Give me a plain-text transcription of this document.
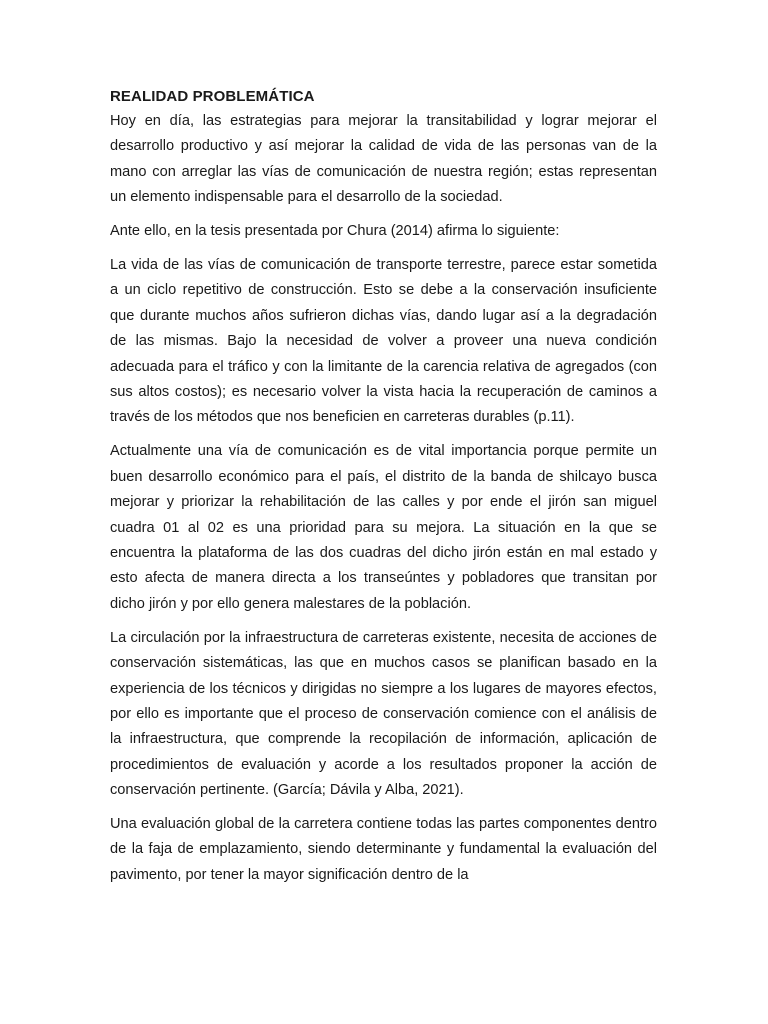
REALIDAD PROBLEMÁTICA

Hoy en día, las estrategias para mejorar la transitabilidad y lograr mejorar el desarrollo productivo y así mejorar la calidad de vida de las personas van de la mano con arreglar las vías de comunicación de nuestra región; estas representan un elemento indispensable para el desarrollo de la sociedad.

Ante ello, en la tesis presentada por Chura (2014) afirma lo siguiente:

La vida de las vías de comunicación de transporte terrestre, parece estar sometida a un ciclo repetitivo de construcción. Esto se debe a la conservación insuficiente que durante muchos años sufrieron dichas vías, dando lugar así a la degradación de las mismas. Bajo la necesidad de volver a proveer una nueva condición adecuada para el tráfico y con la limitante de la carencia relativa de agregados (con sus altos costos); es necesario volver la vista hacia la recuperación de caminos a través de los métodos que nos beneficien en carreteras durables (p.11).

Actualmente una vía de comunicación es de vital importancia porque permite un buen desarrollo económico para el país, el distrito de la banda de shilcayo busca mejorar y priorizar la rehabilitación de las calles y por ende el jirón san miguel cuadra 01 al 02 es una prioridad para su mejora. La situación en la que se encuentra la plataforma de las dos cuadras del dicho jirón están en mal estado y esto afecta de manera directa a los transeúntes y pobladores que transitan por dicho jirón y por ello genera malestares de la población.

La circulación por la infraestructura de carreteras existente, necesita de acciones de conservación sistemáticas, las que en muchos casos se planifican basado en la experiencia de los técnicos y dirigidas no siempre a los lugares de mayores efectos, por ello es importante que el proceso de conservación comience con el análisis de la infraestructura, que comprende la recopilación de información, aplicación de procedimientos de evaluación y acorde a los resultados proponer la acción de conservación pertinente. (García; Dávila y Alba, 2021).

Una evaluación global de la carretera contiene todas las partes componentes dentro de la faja de emplazamiento, siendo determinante y fundamental la evaluación del pavimento, por tener la mayor significación dentro de la
